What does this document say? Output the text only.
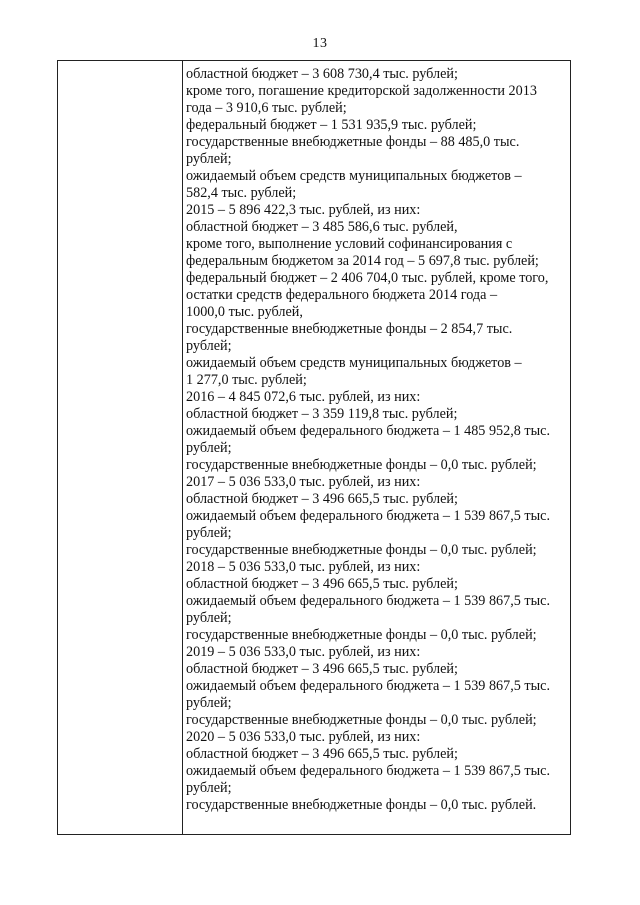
13
областной бюджет – 3 608 730,4 тыс. рублей;
кроме того, погашение кредиторской задолженности 2013
года – 3 910,6 тыс. рублей;
федеральный бюджет – 1 531 935,9 тыс. рублей;
государственные внебюджетные фонды – 88 485,0 тыс.
рублей;
ожидаемый объем средств муниципальных бюджетов –
582,4 тыс. рублей;
2015 – 5 896 422,3 тыс. рублей, из них:
областной бюджет – 3 485 586,6 тыс. рублей,
кроме того, выполнение условий софинансирования с
федеральным бюджетом за 2014 год – 5 697,8 тыс. рублей;
федеральный бюджет – 2 406 704,0 тыс. рублей, кроме того,
остатки средств федерального бюджета 2014 года –
1000,0 тыс. рублей,
государственные внебюджетные фонды – 2 854,7 тыс.
рублей;
ожидаемый объем средств муниципальных бюджетов –
1 277,0 тыс. рублей;
2016 – 4 845 072,6 тыс. рублей, из них:
областной бюджет – 3 359 119,8 тыс. рублей;
ожидаемый объем федерального бюджета – 1 485 952,8 тыс.
рублей;
государственные внебюджетные фонды – 0,0 тыс. рублей;
2017 – 5 036 533,0 тыс. рублей, из них:
областной бюджет – 3 496 665,5 тыс. рублей;
ожидаемый объем федерального бюджета – 1 539 867,5 тыс.
рублей;
государственные внебюджетные фонды – 0,0 тыс. рублей;
2018 – 5 036 533,0 тыс. рублей, из них:
областной бюджет – 3 496 665,5 тыс. рублей;
ожидаемый объем федерального бюджета – 1 539 867,5 тыс.
рублей;
государственные внебюджетные фонды – 0,0 тыс. рублей;
2019 – 5 036 533,0 тыс. рублей, из них:
областной бюджет – 3 496 665,5 тыс. рублей;
ожидаемый объем федерального бюджета – 1 539 867,5 тыс.
рублей;
государственные внебюджетные фонды – 0,0 тыс. рублей;
2020 – 5 036 533,0 тыс. рублей, из них:
областной бюджет – 3 496 665,5 тыс. рублей;
ожидаемый объем федерального бюджета – 1 539 867,5 тыс.
рублей;
государственные внебюджетные фонды – 0,0 тыс. рублей.
